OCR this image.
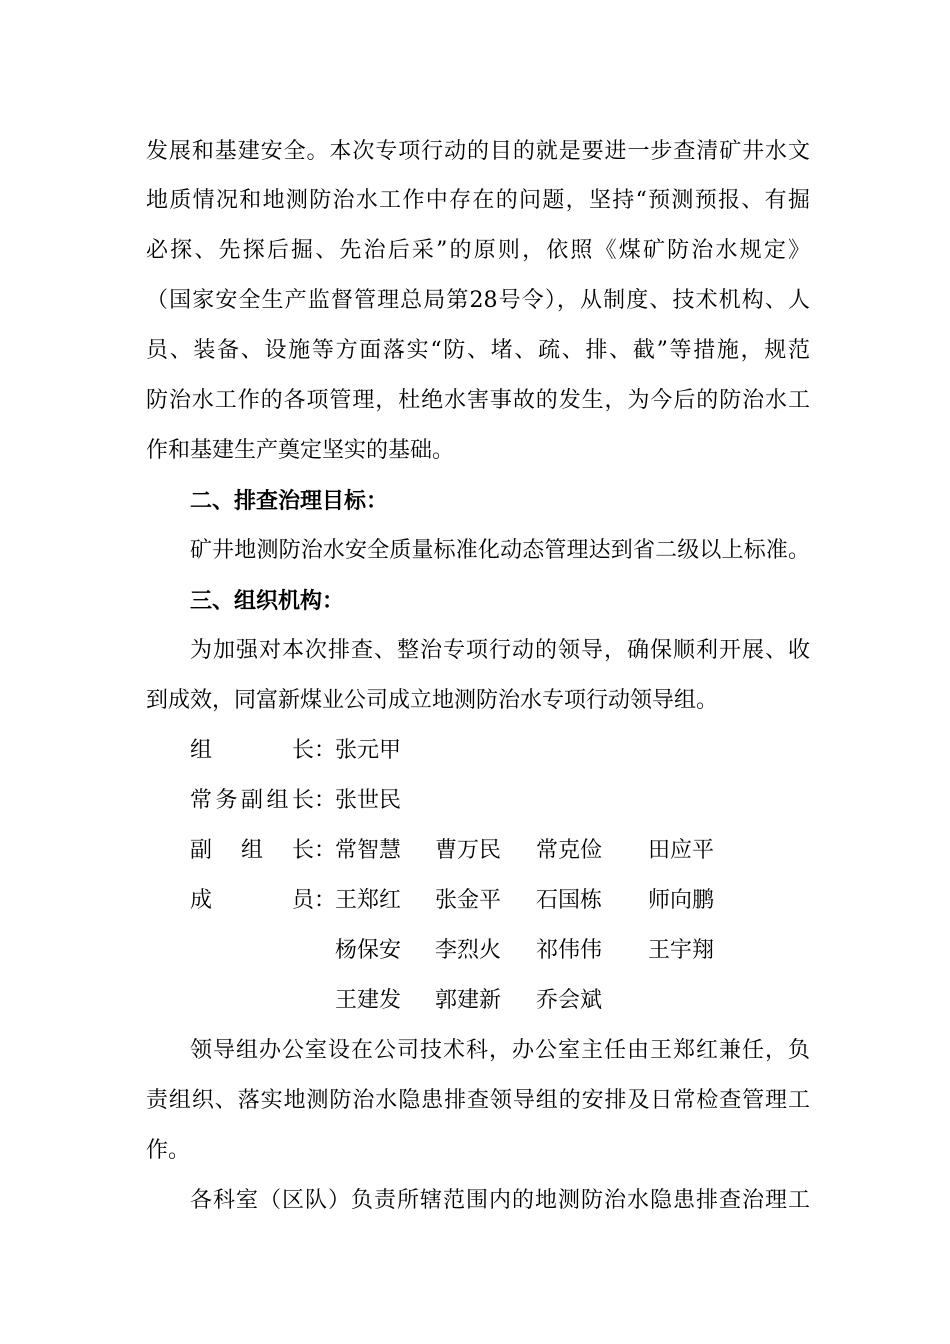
发展和基建安全。本次专项行动的目的就是要进一步查清矿井水文
地质情况和地测防治水工作中存在的问题，坚持“预测预报、有掘
必探、先探后掘、先治后采”的原则，依照《煤矿防治水规定》
（国家安全生产监督管理总局第28号令），从制度、技术机构、人
员、装备、设施等方面落实“防、堵、疏、排、截”等措施，规范
防治水工作的各项管理，杜绝水害事故的发生，为今后的防治水工
作和基建生产奠定坚实的基础。
二、排查治理目标：
矿井地测防治水安全质量标准化动态管理达到省二级以上标准。
三、组织机构：
为加强对本次排查、整治专项行动的领导，确保顺利开展、收
到成效，同富新煤业公司成立地测防治水专项行动领导组。
组长 ：
张元甲
常务副组长 ：
张世民
副组长 ：
常智慧 曹万民 常克俭 田应平
成员 ：
王郑红 张金平 石国栋 师向鹏
杨保安 李烈火 祁伟伟 王宇翔
王建发 郭建新 乔会斌
领导组办公室设在公司技术科，办公室主任由王郑红兼任，负
责组织、落实地测防治水隐患排查领导组的安排及日常检查管理工
作。
各科室（区队）负责所辖范围内的地测防治水隐患排查治理工
